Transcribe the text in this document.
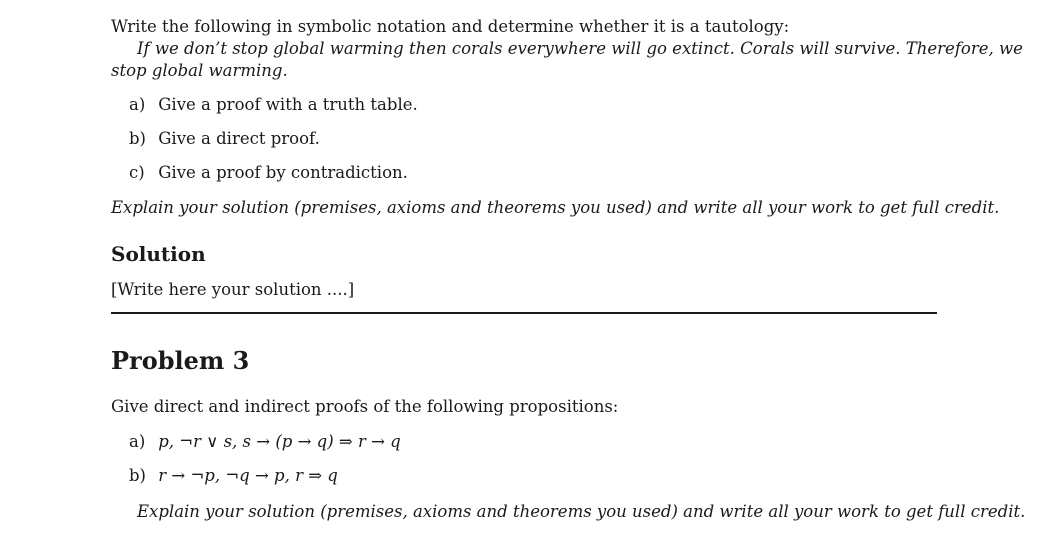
Write the following in symbolic notation and determine whether it is a tautology:
If we don’t stop global warming then corals everywhere will go extinct. Corals will survive. Therefore, we
stop global warming.
a) Give a proof with a truth table.
b) Give a direct proof.
c) Give a proof by contradiction.
Explain your solution (premises, axioms and theorems you used) and write all your work to get full credit.
Solution
[Write here your solution ....]
Problem 3
Give direct and indirect proofs of the following propositions:
a) p, ¬r ∨ s, s → (p → q) ⇒ r → q
b) r → ¬p, ¬q → p, r ⇒ q
Explain your solution (premises, axioms and theorems you used) and write all your work to get full credit.
